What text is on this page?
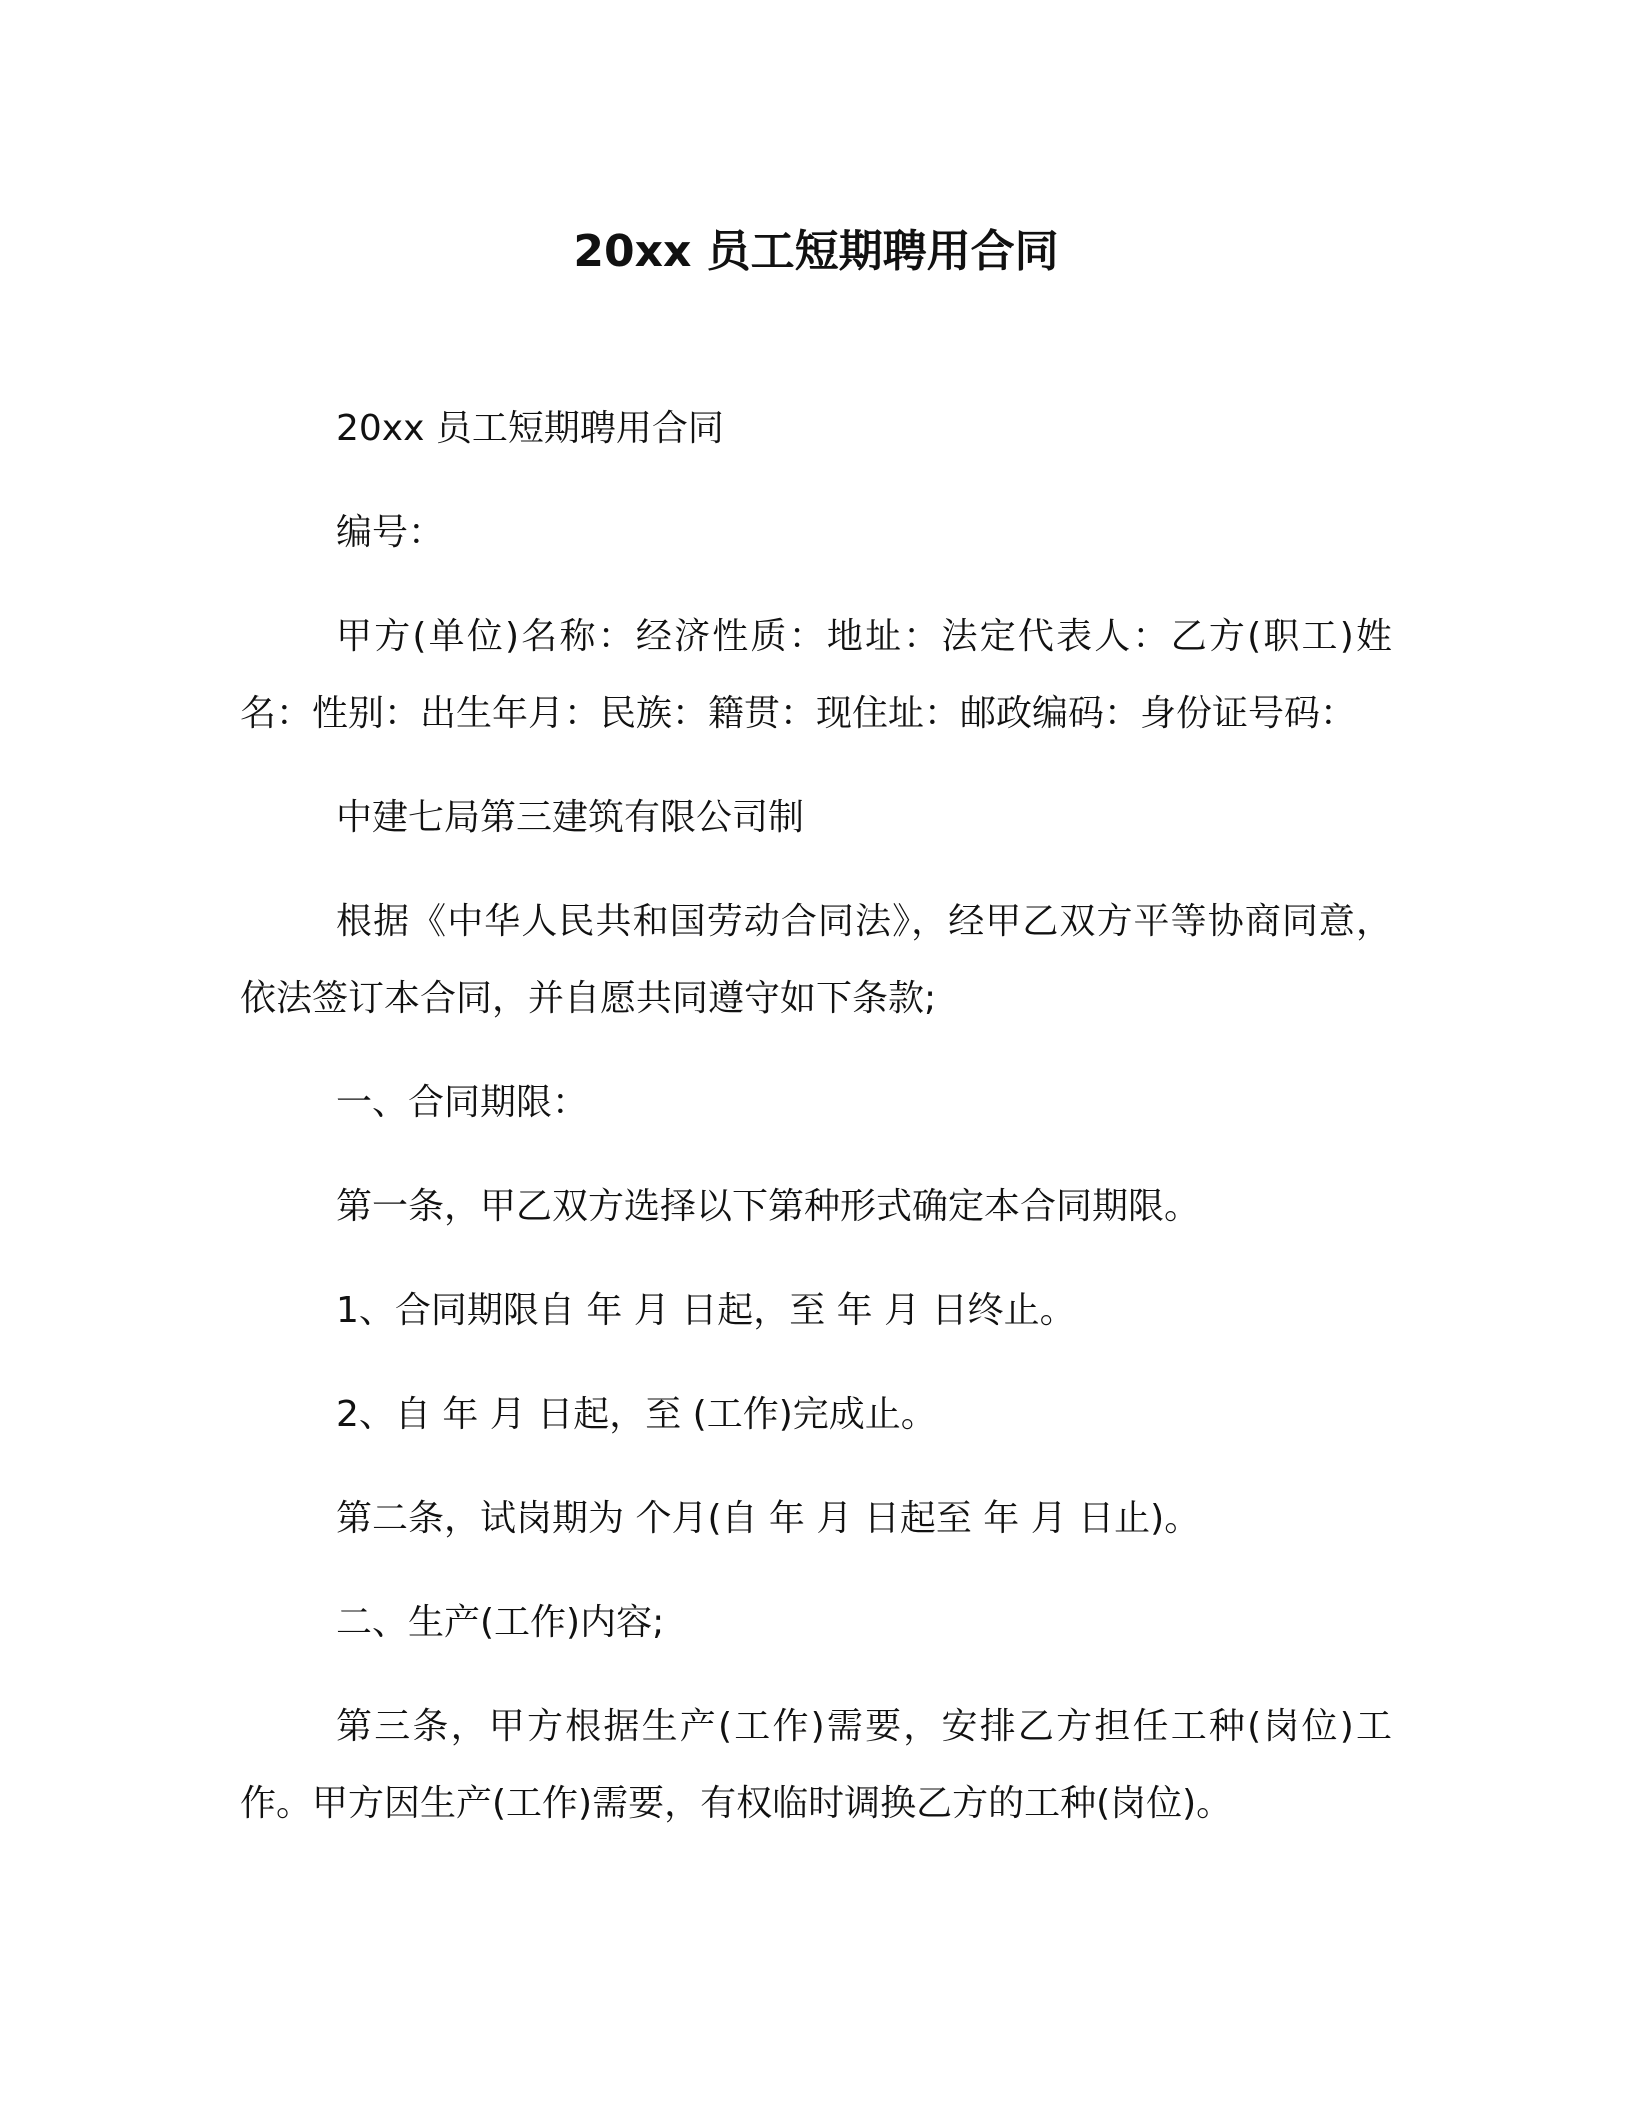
20xx 员工短期聘用合同

20xx 员工短期聘用合同

编号：

甲方(单位)名称：经济性质：地址：法定代表人：乙方(职工)姓名：性别：出生年月：民族：籍贯：现住址：邮政编码：身份证号码：

中建七局第三建筑有限公司制

根据《中华人民共和国劳动合同法》，经甲乙双方平等协商同意，依法签订本合同，并自愿共同遵守如下条款;

一、合同期限：

第一条，甲乙双方选择以下第种形式确定本合同期限。

1、合同期限自 年 月 日起，至 年 月 日终止。

2、自 年 月 日起，至 (工作)完成止。

第二条，试岗期为 个月(自 年 月 日起至 年 月 日止)。

二、生产(工作)内容;

第三条，甲方根据生产(工作)需要，安排乙方担任工种(岗位)工作。甲方因生产(工作)需要，有权临时调换乙方的工种(岗位)。
